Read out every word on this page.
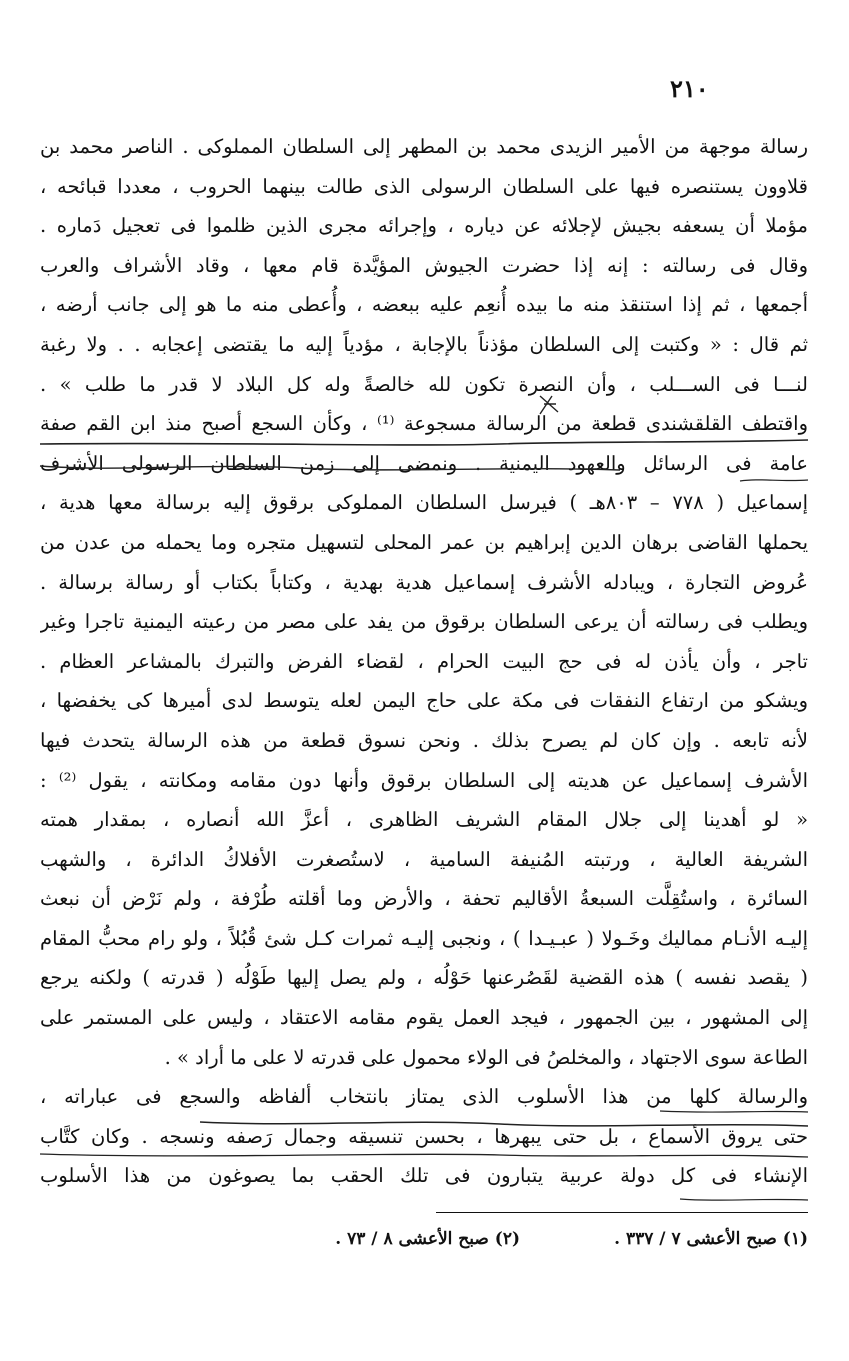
٢١٠
رسالة موجهة من الأمير الزيدى محمد بن المطهر إلى السلطان المملوكى . الناصر محمد بن
قلاوون يستنصره فيها على السلطان الرسولى الذى طالت بينهما الحروب ، معددا قبائحه ،
مؤملا أن يسعفه بجيش لإجلائه عن دياره ، وإجرائه مجرى الذين ظلموا فى تعجيل دَماره .
وقال فى رسالته : إنه إذا حضرت الجيوش المؤيَّدة قام معها ، وقاد الأشراف والعرب
أجمعها ، ثم إذا استنقذ منه ما بيده أُنعِم عليه ببعضه ، وأُعطى منه ما هو إلى جانب أرضه ،
ثم قال : « وكتبت إلى السلطان مؤذناً بالإجابة ، مؤدياً إليه ما يقتضى إعجابه . . ولا رغبة
لنـــا فى الســـلب ، وأن النصرة تكون لله خالصةً وله كل البلاد لا قدر ما طلب » .
واقتطف القلقشندى قطعة من الرسالة مسجوعة ⁽¹⁾ ، وكأن السجع أصبح منذ ابن القم صفة
عامة فى الرسائل والعهود اليمنية . ونمضى إلى زمن السلطان الرسولى الأشرف
إسماعيل ( ٧٧٨ – ٨٠٣هـ ) فيرسل السلطان المملوكى برقوق إليه برسالة معها هدية ،
يحملها القاضى برهان الدين إبراهيم بن عمر المحلى لتسهيل متجره وما يحمله من عدن من
عُروض التجارة ، ويبادله الأشرف إسماعيل هدية بهدية ، وكتاباً بكتاب أو رسالة برسالة .
ويطلب فى رسالته أن يرعى السلطان برقوق من يفد على مصر من رعيته اليمنية تاجرا وغير
تاجر ، وأن يأذن له فى حج البيت الحرام ، لقضاء الفرض والتبرك بالمشاعر العظام .
ويشكو من ارتفاع النفقات فى مكة على حاج اليمن لعله يتوسط لدى أميرها كى يخفضها ،
لأنه تابعه . وإن كان لم يصرح بذلك . ونحن نسوق قطعة من هذه الرسالة يتحدث فيها
الأشرف إسماعيل عن هديته إلى السلطان برقوق وأنها دون مقامه ومكانته ، يقول ⁽²⁾ :
« لو أهدينا إلى جلال المقام الشريف الظاهرى ، أعزَّ الله أنصاره ، بمقدار همته
الشريفة العالية ، ورتبته المُنيفة السامية ، لاستُصغرت الأفلاكُ الدائرة ، والشهب
السائرة ، واستُقِلَّت السبعةُ الأقاليم تحفة ، والأرض وما أقلته طُرْفة ، ولم نَرْض أن نبعث
إليـه الأنـام مماليك وخَـولا ( عبـيـدا ) ، ونجبى إليـه ثمرات كـل شئ قُبُلاً ، ولو رام محبُّ المقام
( يقصد نفسه ) هذه القضية لقَصُرعنها حَوْلُه ، ولم يصل إليها طَوْلُه ( قدرته ) ولكنه يرجع
إلى المشهور ، بين الجمهور ، فيجد العمل يقوم مقامه الاعتقاد ، وليس على المستمر على
الطاعة سوى الاجتهاد ، والمخلصُ فى الولاء محمول على قدرته لا على ما أراد » .
والرسالة كلها من هذا الأسلوب الذى يمتاز بانتخاب ألفاظه والسجع فى عباراته ،
حتى يروق الأسماع ، بل حتى يبهرها ، بحسن تنسيقه وجمال رَصفه ونسجه . وكان كتَّاب
الإنشاء فى كل دولة عربية يتبارون فى تلك الحقب بما يصوغون من هذا الأسلوب
(١) صبح الأعشى ٧ / ٣٣٧ .
(٢) صبح الأعشى ٨ / ٧٣ .
